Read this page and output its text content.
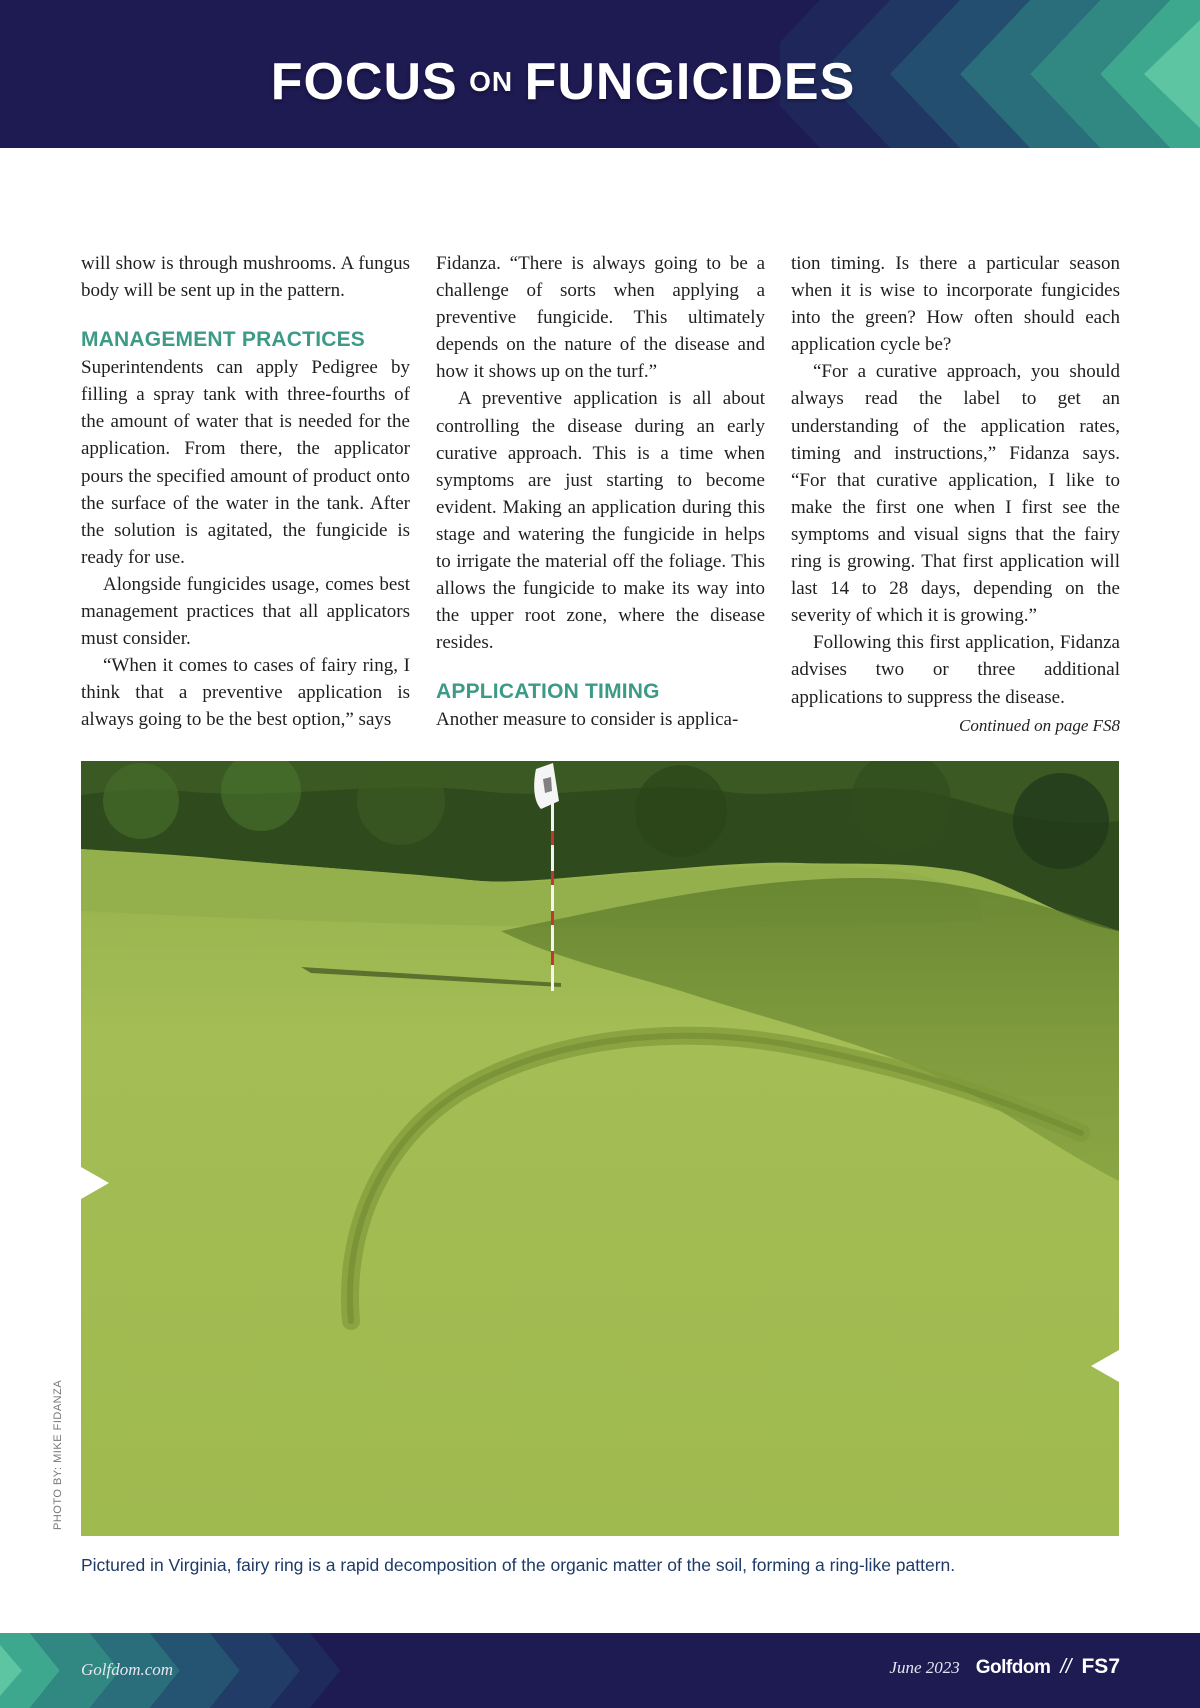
FOCUS ON FUNGICIDES

will show is through mushrooms. A fungus body will be sent up in the pattern.

MANAGEMENT PRACTICES

Superintendents can apply Pedigree by filling a spray tank with three-fourths of the amount of water that is needed for the application. From there, the applicator pours the specified amount of product onto the surface of the water in the tank. After the solution is agitated, the fungicide is ready for use.

Alongside fungicides usage, comes best management practices that all applicators must consider.

“When it comes to cases of fairy ring, I think that a preventive application is always going to be the best option,” says

Fidanza. “There is always going to be a challenge of sorts when applying a preventive fungicide. This ultimately depends on the nature of the disease and how it shows up on the turf.”

A preventive application is all about controlling the disease during an early curative approach. This is a time when symptoms are just starting to become evident. Making an application during this stage and watering the fungicide in helps to irrigate the material off the foliage. This allows the fungicide to make its way into the upper root zone, where the disease resides.

APPLICATION TIMING

Another measure to consider is applica-

tion timing. Is there a particular season when it is wise to incorporate fungicides into the green? How often should each application cycle be?

“For a curative approach, you should always read the label to get an understanding of the application rates, timing and instructions,” Fidanza says. “For that curative application, I like to make the first one when I first see the symptoms and visual signs that the fairy ring is growing. That first application will last 14 to 28 days, depending on the severity of which it is growing.”

Following this first application, Fidanza advises two or three additional applications to suppress the disease.

Continued on page FS8

PHOTO BY: MIKE FIDANZA
Pictured in Virginia, fairy ring is a rapid decomposition of the organic matter of the soil, forming a ring-like pattern.
Golfdom.com	June 2023 Golfdom // FS7
